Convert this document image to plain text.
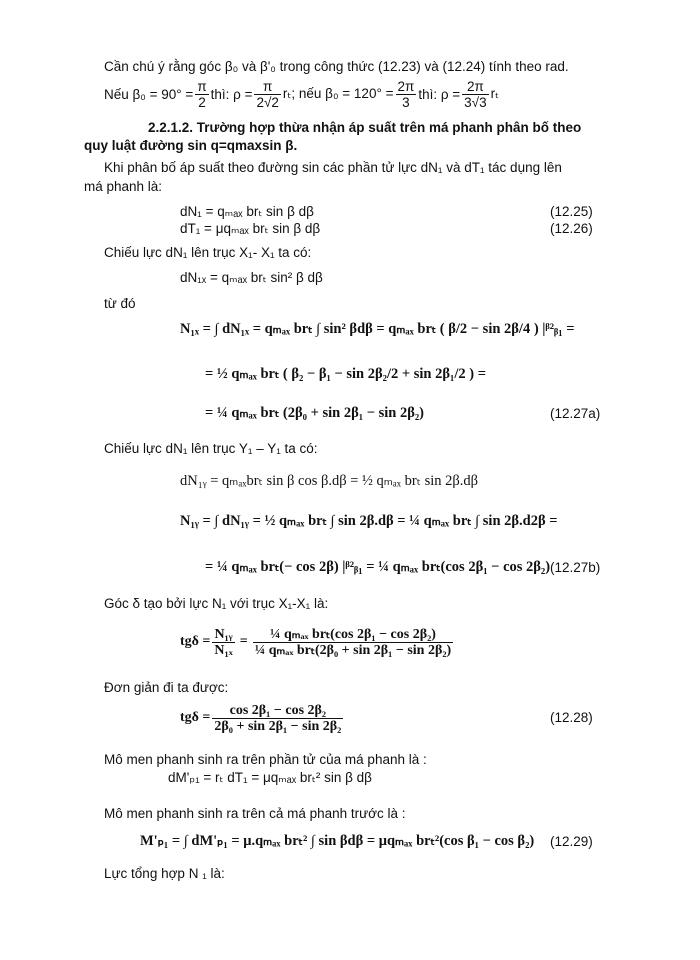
Cần chú ý rằng góc β₀ và β'₀ trong công thức (12.23) và (12.24) tính theo rad.
Nếu $\beta_0 = 90^\circ = \frac{\pi}{2}$ thì: $\rho = \frac{\pi}{2√2} r_t$; nếu $\beta_0 = 120^\circ = \frac{2\pi}{3}$ thì: $\rho = \frac{2\pi}{3√3}$ rₜ
2.2.1.2. Trường hợp thừa nhận áp suất trên má phanh phân bố theo
quy luật đường sin q=qmaxsin β.
Khi phân bố áp suất theo đường sin các phần tử lực dN₁ và dT₁ tác dụng lên
má phanh là:
dN₁ = qₘₐₓ brₜ sin β dβ	(12.25)
dT₁ = μqₘₐₓ brₜ sin β dβ	(12.26)
Chiếu lực dN₁ lên trục X₁- X₁ ta có:
dN₁ₓ = qₘₐₓ brₜ sin² β dβ
từ đó
N₁ₓ = ∫ dN₁ₓ = qₘₐₓ brₜ ∫ sin² βdβ = qₘₐₓ brₜ ( β/2 − sin 2β/4 ) |ᵝ²ᵦ₁ =
= ½ qₘₐₓ brₜ ( β₂ − β₁ − sin 2β₂/2 + sin 2β₁/2 ) =
= ¼ qₘₐₓ brₜ (2β₀ + sin 2β₁ − sin 2β₂)	(12.27a)
Chiếu lực dN₁ lên trục Y₁ – Y₁ ta có:
dN₁ᵧ = qₘₐₓbrₜ sin β cos β.dβ = ½ qₘₐₓ brₜ sin 2β.dβ
N₁ᵧ = ∫ dN₁ᵧ = ½ qₘₐₓ brₜ ∫ sin 2β.dβ = ¼ qₘₐₓ brₜ ∫ sin 2β.d2β =
= ¼ qₘₐₓ brₜ(− cos 2β) |ᵝ²ᵦ₁ = ¼ qₘₐₓ brₜ(cos 2β₁ − cos 2β₂) (12.27b)
Góc δ tạo bởi lực N₁ với trục X₁-X₁ là:
$tg\delta = \frac{\text{N₁ᵧ}}{\text{N₁ₓ}} = \frac{\text{¼ qₘₐₓ brₜ(cos 2β₁ − cos 2β₂)}}{\text{¼ qₘₐₓ brₜ(2β₀ + sin 2β₁ − sin 2β₂)}}$
Đơn giản đi ta được:
$tg\delta = \frac{\text{cos 2β₁ − cos 2β₂}}{\text{2β₀ + sin 2β₁ − sin 2β₂}}$	(12.28)
Mô men phanh sinh ra trên phần tử của má phanh là :
dM'ₚ₁ = rₜ dT₁ = μqₘₐₓ brₜ² sin β dβ
Mô men phanh sinh ra trên cả má phanh trước là :
M'ₚ₁ = ∫ dM'ₚ₁ = μ.qₘₐₓ brₜ² ∫ sin βdβ = μqₘₐₓ brₜ²(cos β₁ − cos β₂) (12.29)
Lực tổng hợp N ₁ là:
